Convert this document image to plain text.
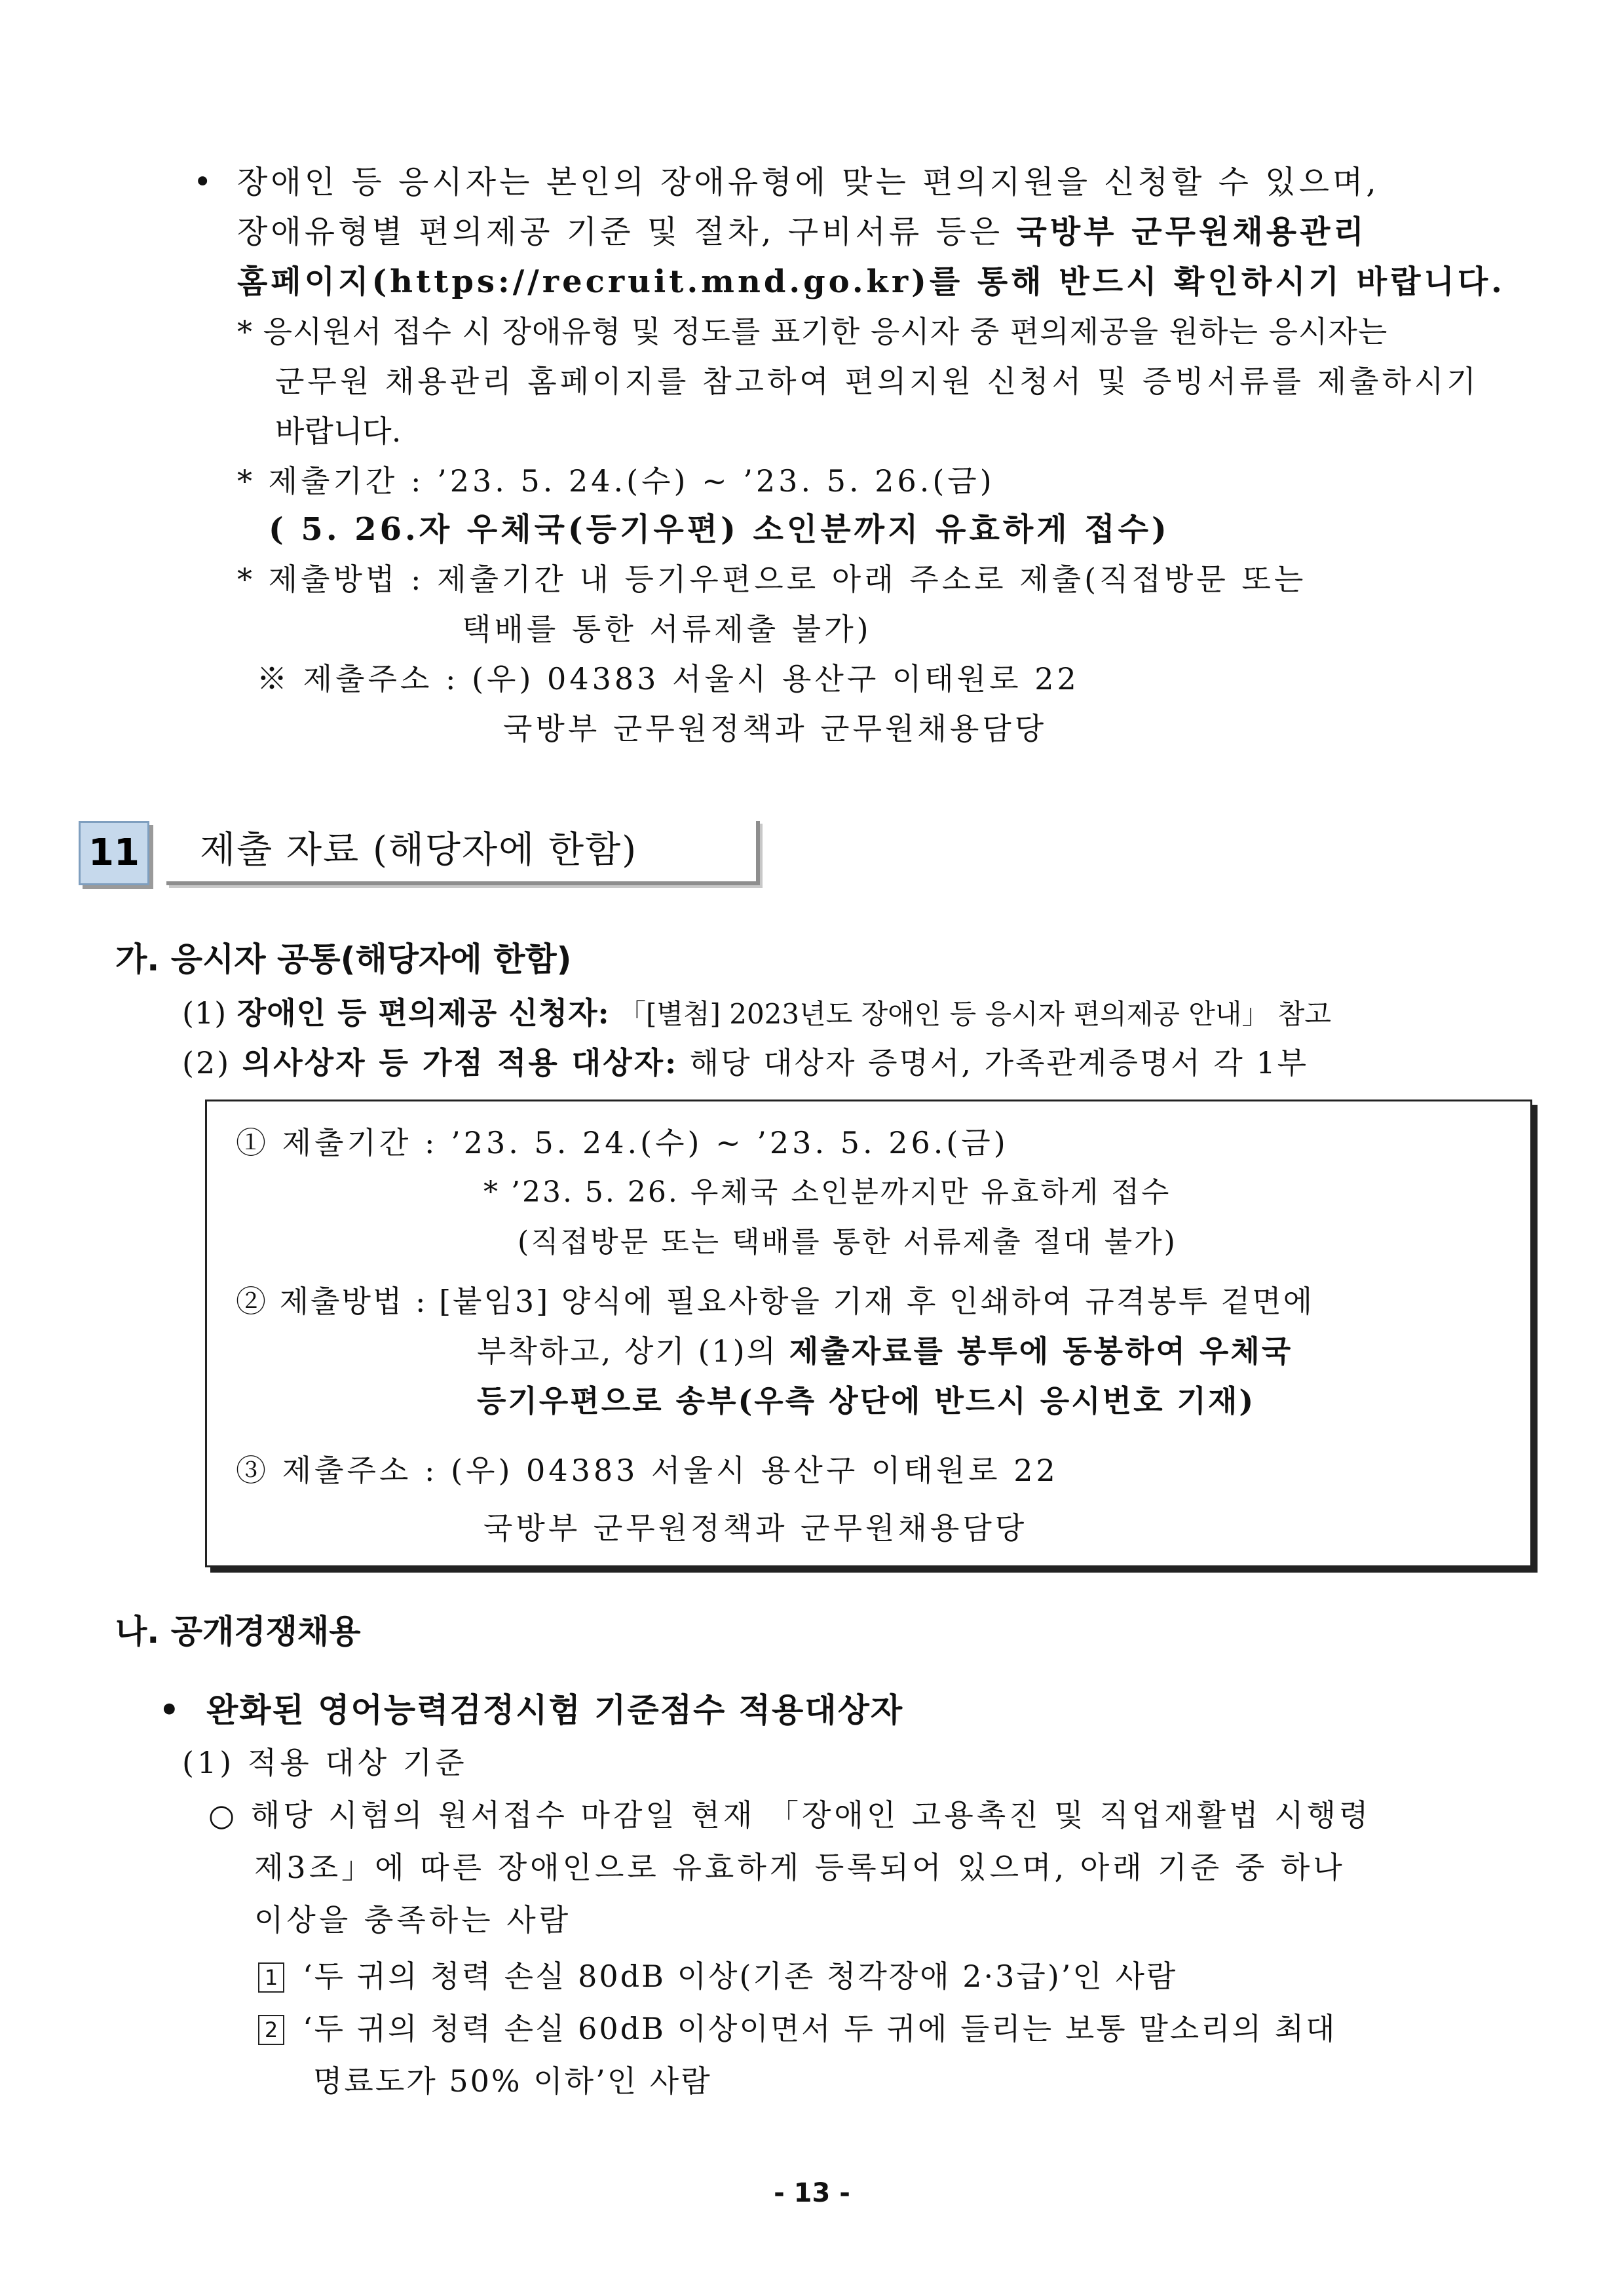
• 장애인 등 응시자는 본인의 장애유형에 맞는 편의지원을 신청할 수 있으며,
장애유형별 편의제공 기준 및 절차, 구비서류 등은 국방부 군무원채용관리
홈페이지(https://recruit.mnd.go.kr)를 통해 반드시 확인하시기 바랍니다.
* 응시원서 접수 시 장애유형 및 정도를 표기한 응시자 중 편의제공을 원하는 응시자는
군무원 채용관리 홈페이지를 참고하여 편의지원 신청서 및 증빙서류를 제출하시기
바랍니다.
* 제출기간 : ’23. 5. 24.(수) ~ ’23. 5. 26.(금)
( 5. 26.자 우체국(등기우편) 소인분까지 유효하게 접수)
* 제출방법 : 제출기간 내 등기우편으로 아래 주소로 제출(직접방문 또는
택배를 통한 서류제출 불가)
※ 제출주소 : (우) 04383 서울시 용산구 이태원로 22
국방부 군무원정책과 군무원채용담당
11 제출 자료 (해당자에 한함)
가. 응시자 공통(해당자에 한함)
(1) 장애인 등 편의제공 신청자: 「[별첨] 2023년도 장애인 등 응시자 편의제공 안내」 참고
(2) 의사상자 등 가점 적용 대상자: 해당 대상자 증명서, 가족관계증명서 각 1부
① 제출기간 : ’23. 5. 24.(수) ~ ’23. 5. 26.(금)
* ’23. 5. 26. 우체국 소인분까지만 유효하게 접수
(직접방문 또는 택배를 통한 서류제출 절대 불가)
② 제출방법 : [붙임3] 양식에 필요사항을 기재 후 인쇄하여 규격봉투 겉면에
부착하고, 상기 (1)의 제출자료를 봉투에 동봉하여 우체국
등기우편으로 송부(우측 상단에 반드시 응시번호 기재)
③ 제출주소 : (우) 04383 서울시 용산구 이태원로 22
국방부 군무원정책과 군무원채용담당
나. 공개경쟁채용
• 완화된 영어능력검정시험 기준점수 적용대상자
(1) 적용 대상 기준
○ 해당 시험의 원서접수 마감일 현재 「장애인 고용촉진 및 직업재활법 시행령
제3조」에 따른 장애인으로 유효하게 등록되어 있으며, 아래 기준 중 하나
이상을 충족하는 사람
1 ‘두 귀의 청력 손실 80dB 이상(기존 청각장애 2·3급)’인 사람
2 ‘두 귀의 청력 손실 60dB 이상이면서 두 귀에 들리는 보통 말소리의 최대
명료도가 50% 이하’인 사람
- 13 -
